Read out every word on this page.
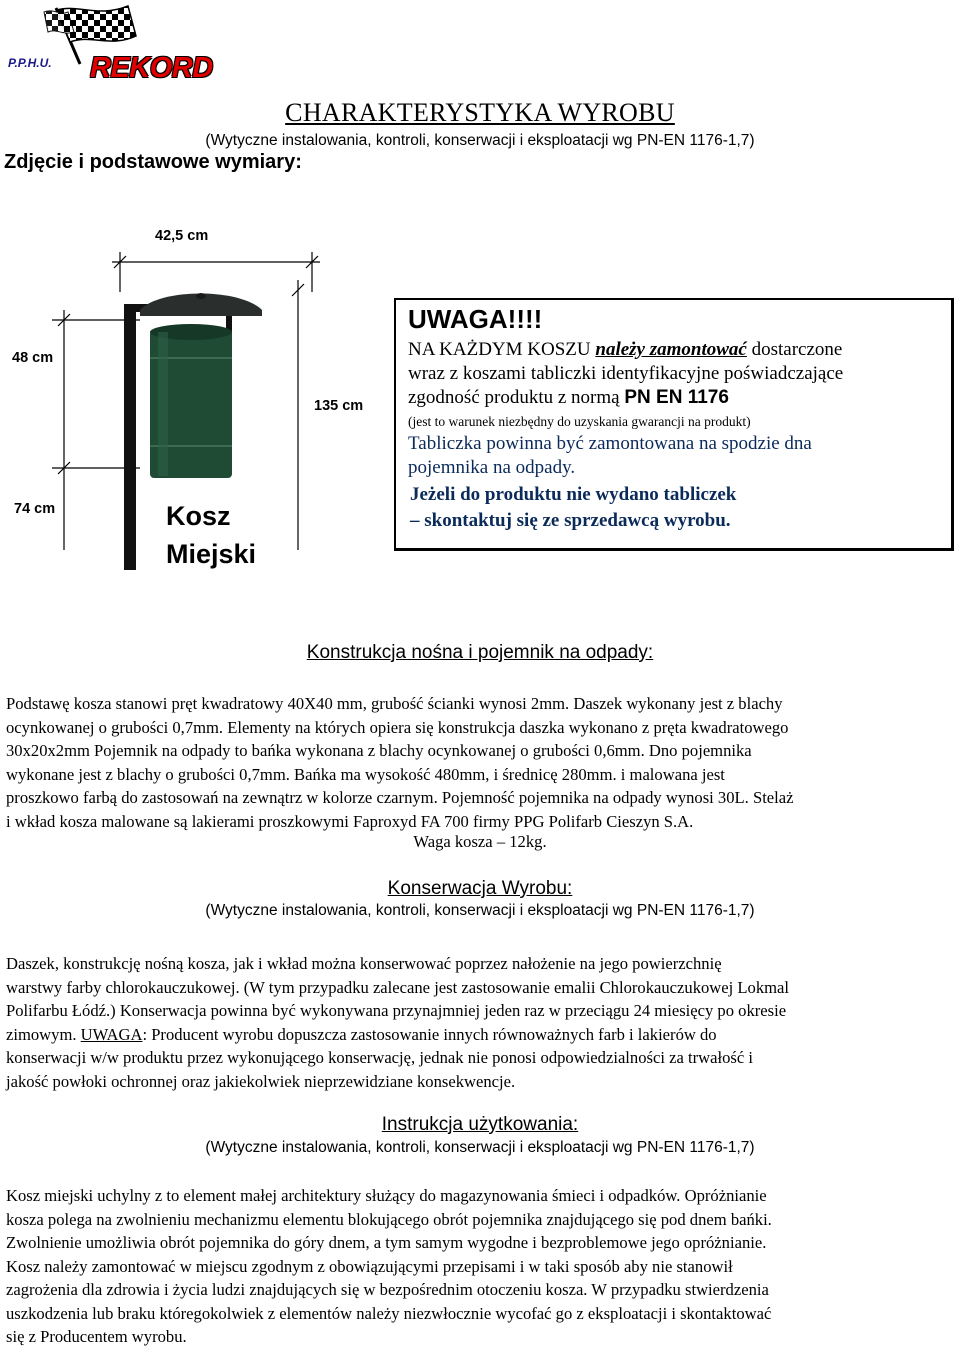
P.P.H.U. REKORD
CHARAKTERYSTYKA WYROBU
(Wytyczne instalowania, kontroli, konserwacji i eksploatacji wg PN-EN 1176-1,7)
Zdjęcie i podstawowe wymiary:
42,5 cm
48 cm
74 cm
135 cm
Kosz
Miejski
UWAGA!!!!
NA KAŻDYM KOSZU należy zamontować dostarczone
wraz z koszami tabliczki identyfikacyjne poświadczające
zgodność produktu z normą PN EN 1176
(jest to warunek niezbędny do uzyskania gwarancji na produkt)
Tabliczka powinna być zamontowana na spodzie dna
pojemnika na odpady.
Jeżeli do produktu nie wydano tabliczek
– skontaktuj się ze sprzedawcą wyrobu.
Konstrukcja nośna i pojemnik na odpady:
Podstawę kosza stanowi pręt kwadratowy 40X40 mm, grubość ścianki wynosi 2mm. Daszek wykonany jest z blachy
ocynkowanej o grubości 0,7mm. Elementy na których opiera się konstrukcja daszka wykonano z pręta kwadratowego
30x20x2mm Pojemnik na odpady to bańka wykonana z blachy ocynkowanej o grubości 0,6mm. Dno pojemnika
wykonane jest z blachy o grubości 0,7mm. Bańka ma wysokość 480mm, i średnicę 280mm. i malowana jest
proszkowo farbą do zastosowań na zewnątrz w kolorze czarnym. Pojemność pojemnika na odpady wynosi 30L. Stelaż
i wkład kosza malowane są lakierami proszkowymi Faproxyd FA 700 firmy PPG Polifarb Cieszyn S.A.
Waga kosza – 12kg.
Konserwacja Wyrobu:
(Wytyczne instalowania, kontroli, konserwacji i eksploatacji wg PN-EN 1176-1,7)
Daszek, konstrukcję nośną kosza, jak i wkład można konserwować poprzez nałożenie na jego powierzchnię
warstwy farby chlorokauczukowej. (W tym przypadku zalecane jest zastosowanie emalii Chlorokauczukowej Lokmal
Polifarbu Łódź.) Konserwacja powinna być wykonywana przynajmniej jeden raz w przeciągu 24 miesięcy po okresie
zimowym. UWAGA: Producent wyrobu dopuszcza zastosowanie innych równoważnych farb i lakierów do
konserwacji w/w produktu przez wykonującego konserwację, jednak nie ponosi odpowiedzialności za trwałość i
jakość powłoki ochronnej oraz jakiekolwiek nieprzewidziane konsekwencje.
Instrukcja użytkowania:
(Wytyczne instalowania, kontroli, konserwacji i eksploatacji wg PN-EN 1176-1,7)
Kosz miejski uchylny z to element małej architektury służący do magazynowania śmieci i odpadków. Opróżnianie
kosza polega na zwolnieniu mechanizmu elementu blokującego obrót pojemnika znajdującego się pod dnem bańki.
Zwolnienie umożliwia obrót pojemnika do góry dnem, a tym samym wygodne i bezproblemowe jego opróżnianie.
Kosz należy zamontować w miejscu zgodnym z obowiązującymi przepisami i w taki sposób aby nie stanowił
zagrożenia dla zdrowia i życia ludzi znajdujących się w bezpośrednim otoczeniu kosza. W przypadku stwierdzenia
uszkodzenia lub braku któregokolwiek z elementów należy niezwłocznie wycofać go z eksploatacji i skontaktować
się z Producentem wyrobu.
